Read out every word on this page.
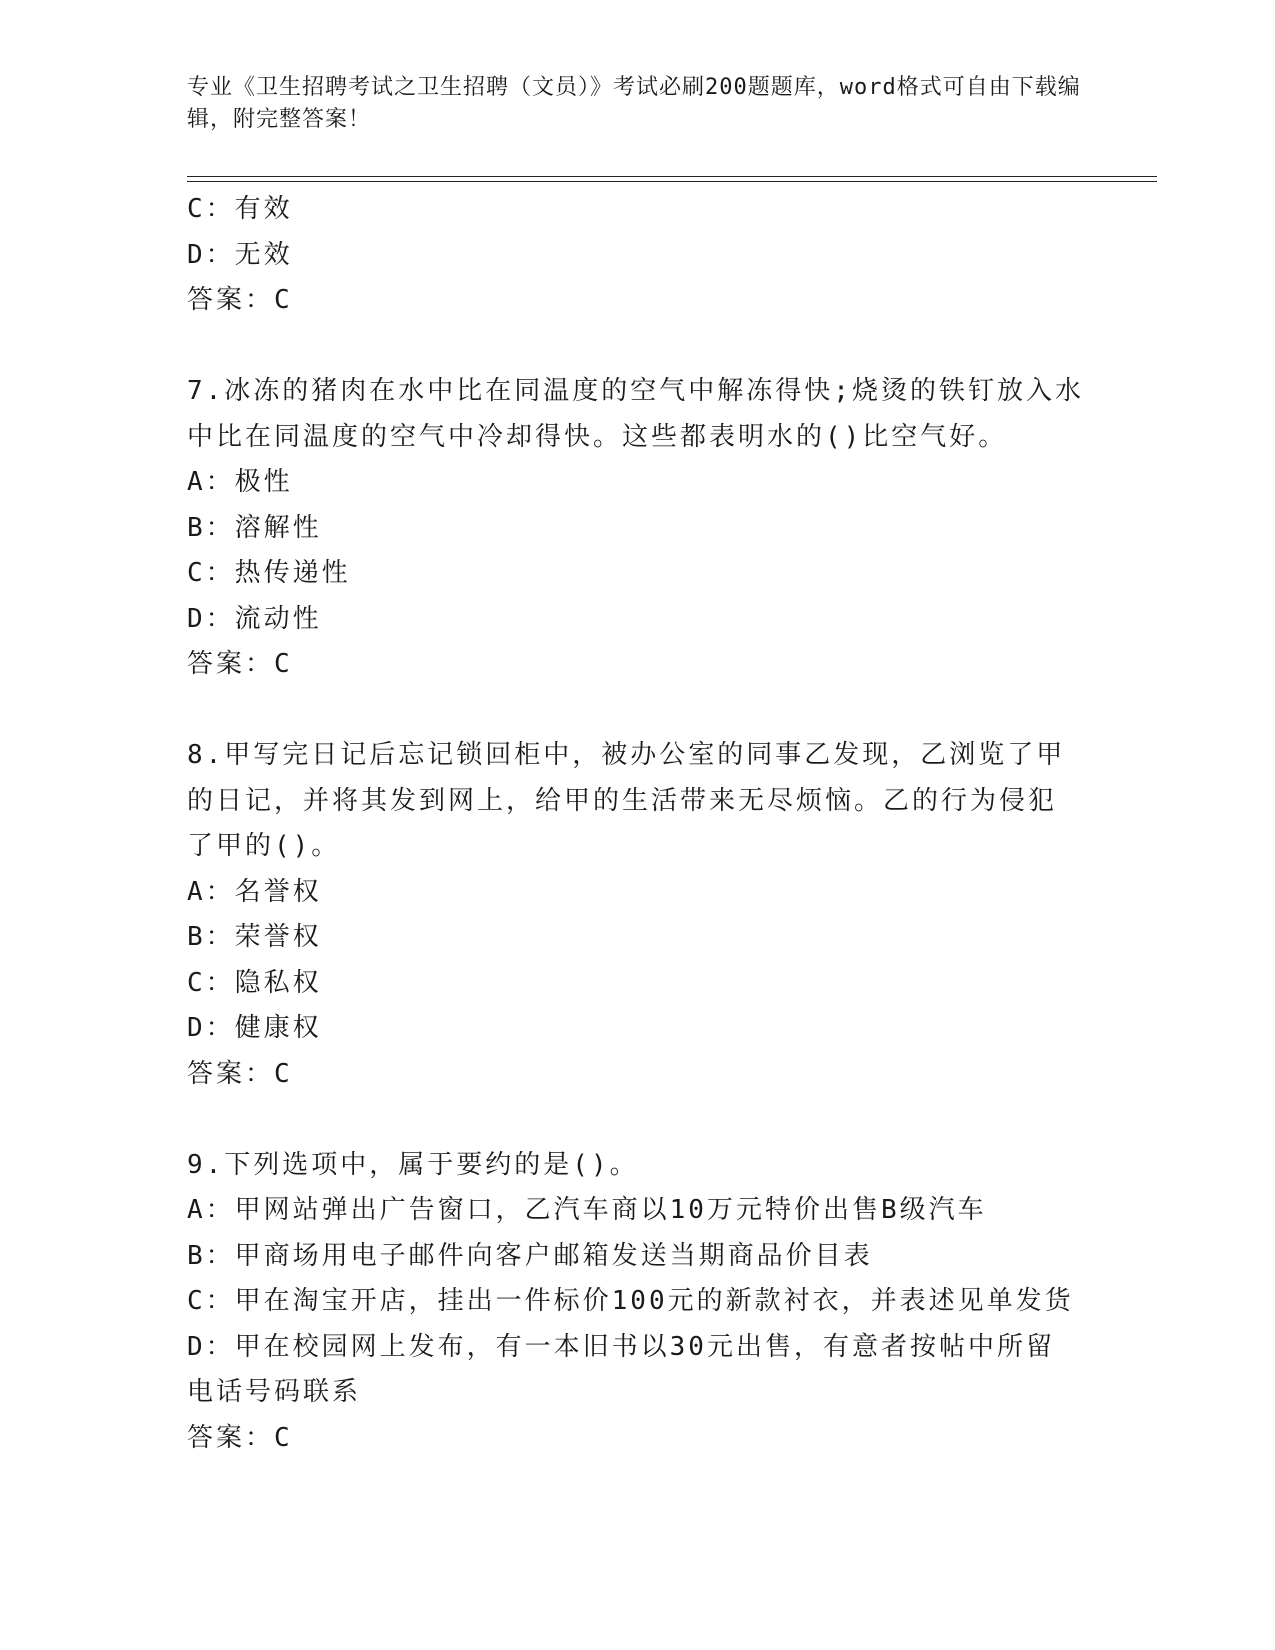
专业《卫生招聘考试之卫生招聘（文员）》考试必刷200题题库，word格式可自由下载编辑，附完整答案！
C：有效
D：无效
答案：C
7.冰冻的猪肉在水中比在同温度的空气中解冻得快;烧烫的铁钉放入水
中比在同温度的空气中冷却得快。这些都表明水的()比空气好。
A：极性
B：溶解性
C：热传递性
D：流动性
答案：C
8.甲写完日记后忘记锁回柜中，被办公室的同事乙发现，乙浏览了甲
的日记，并将其发到网上，给甲的生活带来无尽烦恼。乙的行为侵犯
了甲的()。
A：名誉权
B：荣誉权
C：隐私权
D：健康权
答案：C
9.下列选项中，属于要约的是()。
A：甲网站弹出广告窗口，乙汽车商以10万元特价出售B级汽车
B：甲商场用电子邮件向客户邮箱发送当期商品价目表
C：甲在淘宝开店，挂出一件标价100元的新款衬衣，并表述见单发货
D：甲在校园网上发布，有一本旧书以30元出售，有意者按帖中所留
电话号码联系
答案：C
